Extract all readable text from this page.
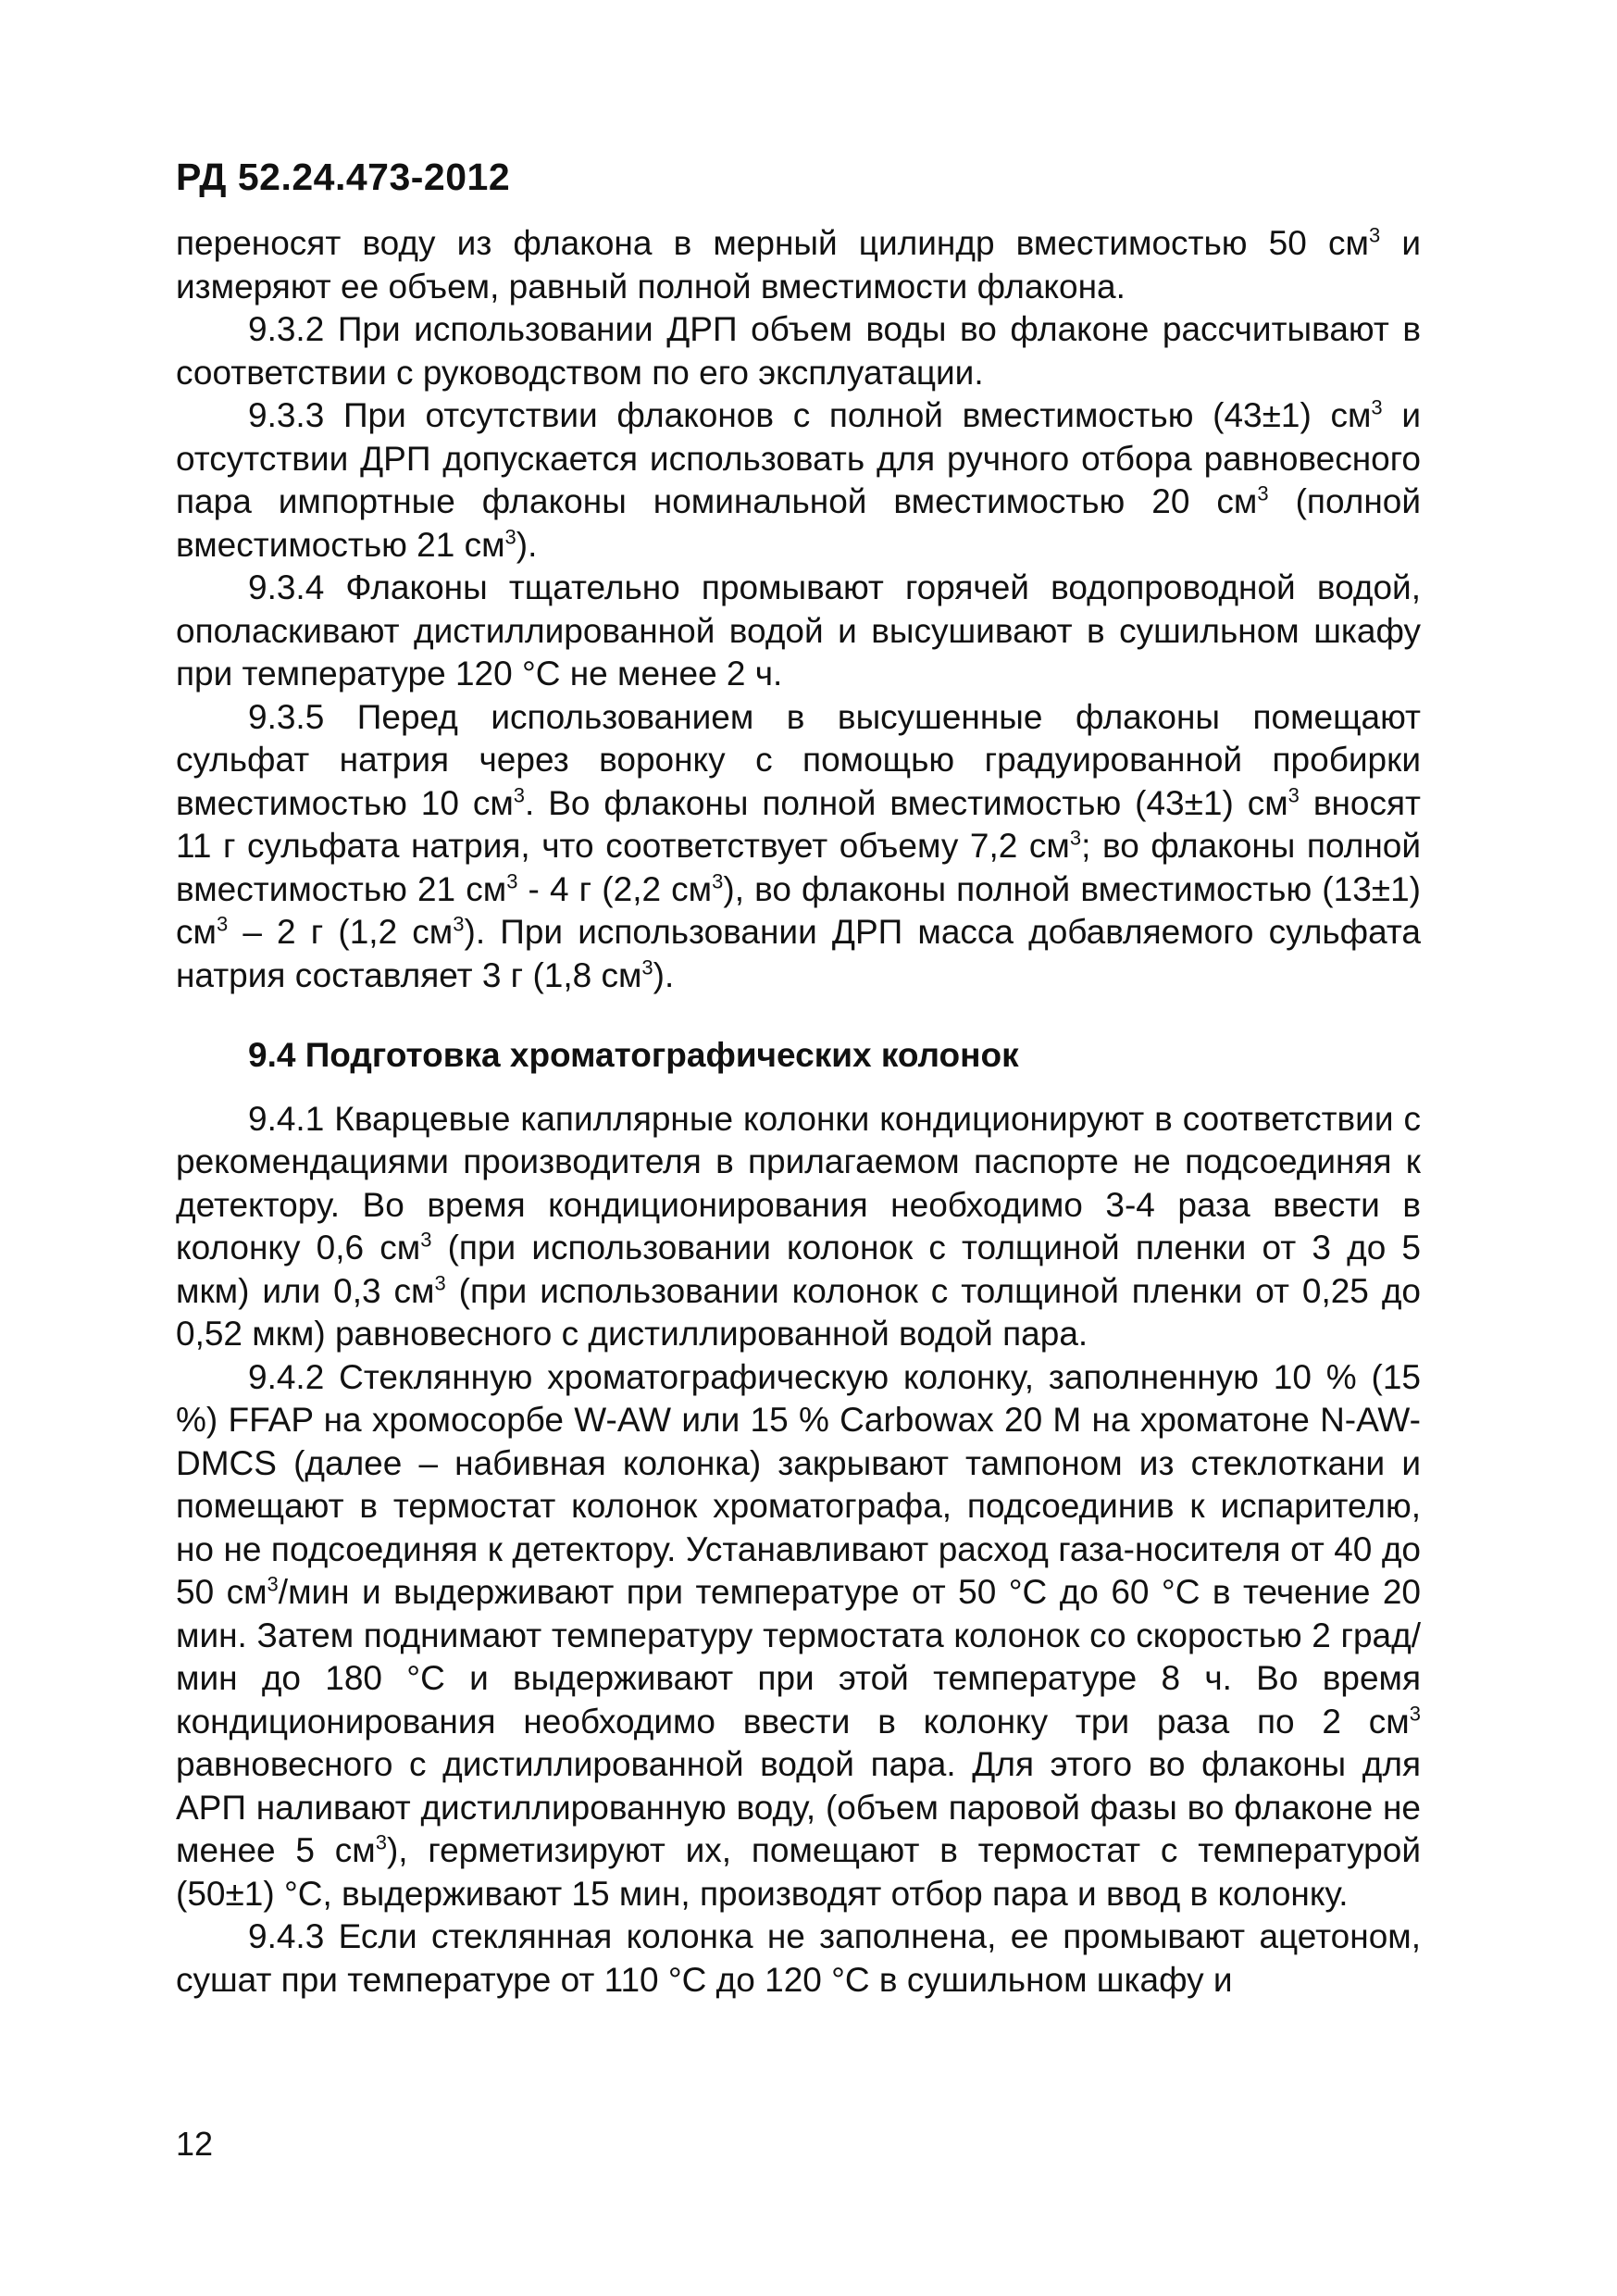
РД 52.24.473-2012

переносят воду из флакона в мерный цилиндр вместимостью 50 $см^3$ и измеряют ее объем, равный полной вместимости флакона.

9.3.2 При использовании ДРП объем воды во флаконе рассчитывают в соответствии с руководством по его эксплуатации.

9.3.3 При отсутствии флаконов с полной вместимостью (43±1) $см^3$ и отсутствии ДРП допускается использовать для ручного отбора равновесного пара импортные флаконы номинальной вместимостью 20 $см^3$ (полной вместимостью 21 $см^3$).

9.3.4 Флаконы тщательно промывают горячей водопроводной водой, ополаскивают дистиллированной водой и высушивают в сушильном шкафу при температуре 120 °С не менее 2 ч.

9.3.5 Перед использованием в высушенные флаконы помещают сульфат натрия через воронку с помощью градуированной пробирки вместимостью 10 $см^3$. Во флаконы полной вместимостью (43±1) $см^3$ вносят 11 г сульфата натрия, что соответствует объему 7,2 $см^3$; во флаконы полной вместимостью 21 $см^3 - 4$ г (2,2 $см^3$), во флаконы полной вместимостью (13±1) $см^3 - 2$ г (1,2 $см^3$). При использовании ДРП масса добавляемого сульфата натрия составляет 3 г (1,8 $см^3$).

9.4 Подготовка хроматографических колонок

9.4.1 Кварцевые капиллярные колонки кондиционируют в соответствии с рекомендациями производителя в прилагаемом паспорте не подсоединяя к детектору. Во время кондиционирования необходимо 3-4 раза ввести в колонку 0,6 $см^3$ (при использовании колонок с толщиной пленки от 3 до 5 мкм) или 0,3 $см^3$ (при использовании колонок с толщиной пленки от 0,25 до 0,52 мкм) равновесного с дистиллированной водой пара.

9.4.2 Стеклянную хроматографическую колонку, заполненную 10 % (15 %) FFAP на хромосорбе W-AW или 15 % Carbowax 20 М на хроматоне N-AW-DMCS (далее – набивная колонка) закрывают тампоном из стеклоткани и помещают в термостат колонок хроматографа, подсоединив к испарителю, но не подсоединяя к детектору. Устанавливают расход газа-носителя от 40 до 50 $см^3$/мин и выдерживают при температуре от 50 °С до 60 °С в течение 20 мин. Затем поднимают температуру термостата колонок со скоростью 2 град/мин до 180 °С и выдерживают при этой температуре 8 ч. Во время кондиционирования необходимо ввести в колонку три раза по 2 $см^3$ равновесного с дистиллированной водой пара. Для этого во флаконы для АРП наливают дистиллированную воду, (объем паровой фазы во флаконе не менее 5 $см^3$), герметизируют их, помещают в термостат с температурой (50±1) °С, выдерживают 15 мин, производят отбор пара и ввод в колонку.

9.4.3 Если стеклянная колонка не заполнена, ее промывают ацетоном, сушат при температуре от 110 °С до 120 °С в сушильном шкафу и

12
